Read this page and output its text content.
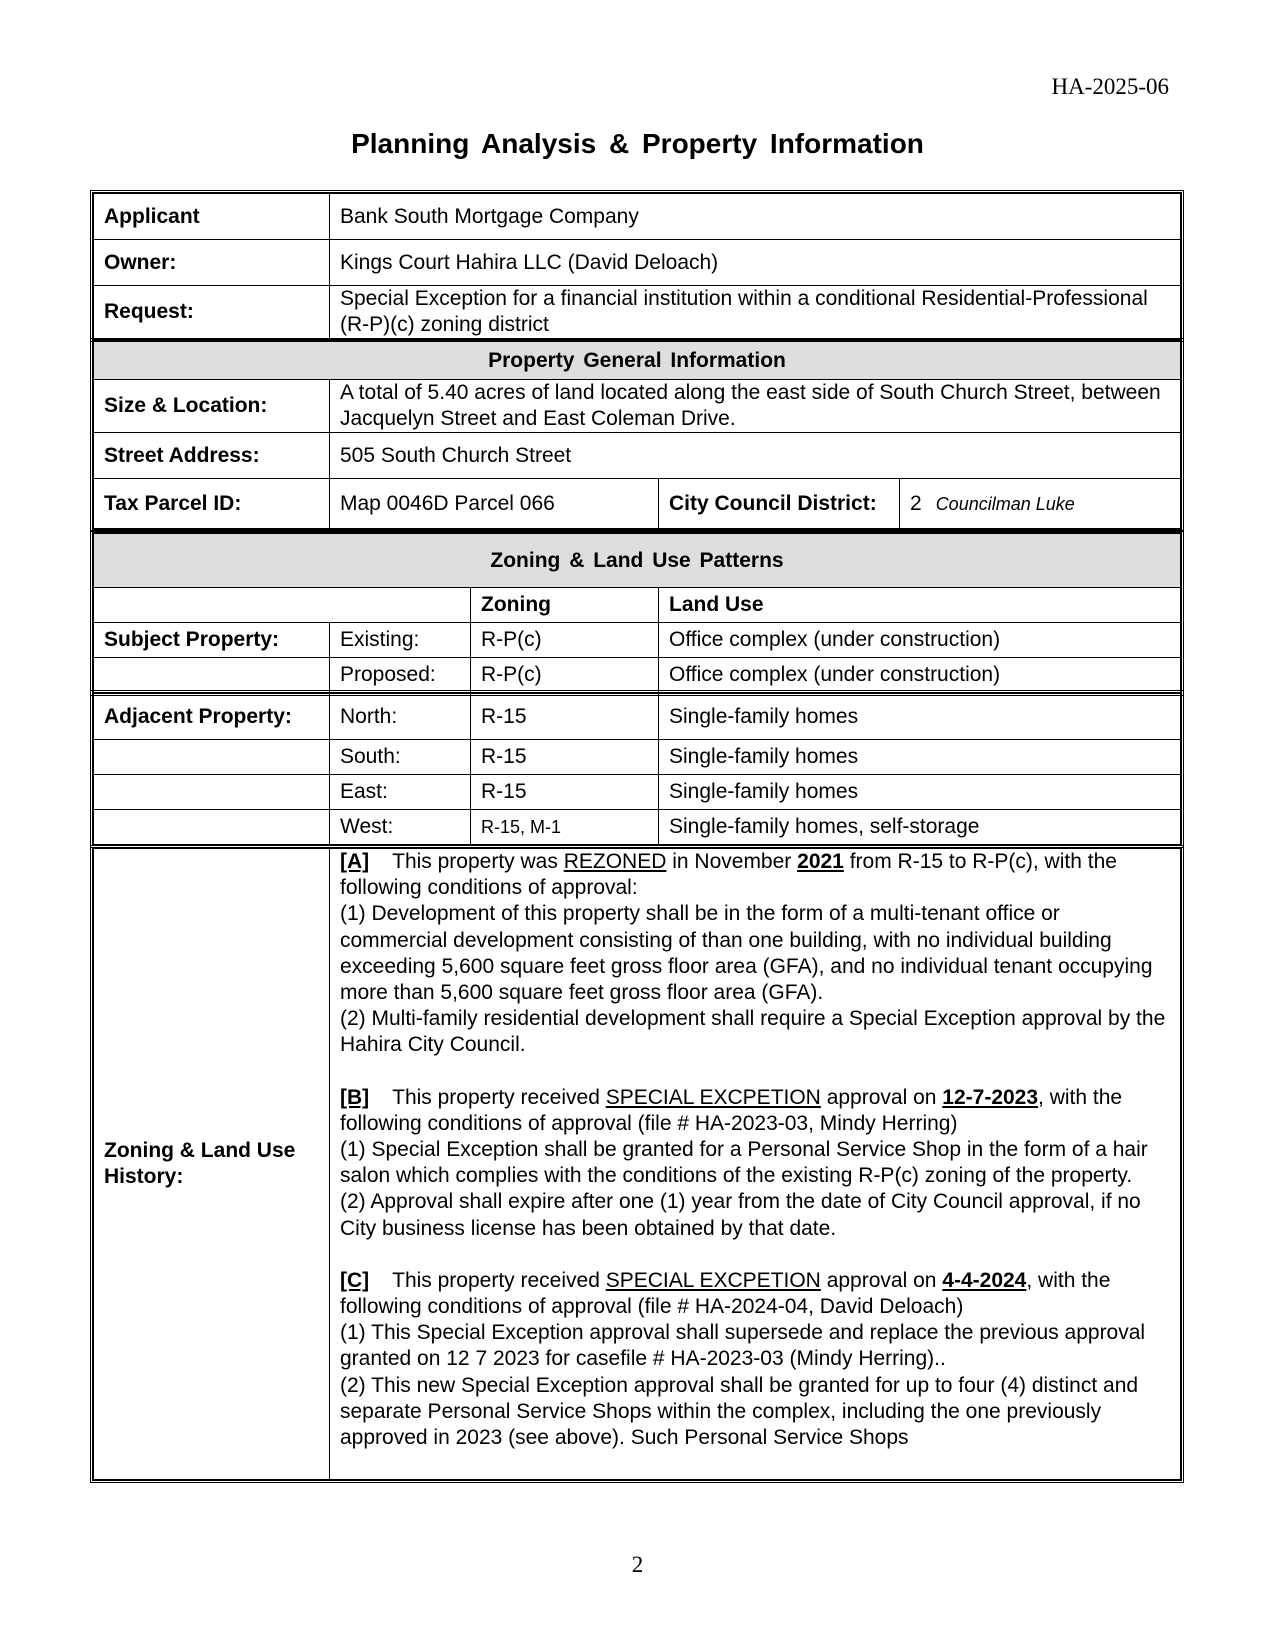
HA-2025-06
Planning Analysis & Property Information
Applicant	Bank South Mortgage Company
Owner:	Kings Court Hahira LLC (David Deloach)
Request:	Special Exception for a financial institution within a conditional Residential-Professional (R-P)(c) zoning district
Property General Information			
Size & Location:	A total of 5.40 acres of land located along the east side of South Church Street, between Jacquelyn Street and East Coleman Drive.		
Street Address:	505 South Church Street		
Tax Parcel ID:	Map 0046D Parcel 066	City Council District:	2 Councilman Luke
Zoning & Land Use Patterns			
		Zoning	Land Use
Subject Property:	Existing:	R-P(c)	Office complex (under construction)
	Proposed:	R-P(c)	Office complex (under construction)
Adjacent Property:	North:	R-15	Single-family homes
	South:	R-15	Single-family homes
	East:	R-15	Single-family homes
	West:	R-15, M-1	Single-family homes, self-storage
Zoning & Land Use History:	

[A] This property was REZONED in November 2021 from R-15 to R-P(c), with the following conditions of approval:

(1) Development of this property shall be in the form of a multi-tenant office or commercial development consisting of than one building, with no individual building exceeding 5,600 square feet gross floor area (GFA), and no individual tenant occupying more than 5,600 square feet gross floor area (GFA).

(2) Multi-family residential development shall require a Special Exception approval by the Hahira City Council.

[B] This property received SPECIAL EXCPETION approval on 12-7-2023, with the following conditions of approval (file # HA-2023-03, Mindy Herring)

(1) Special Exception shall be granted for a Personal Service Shop in the form of a hair salon which complies with the conditions of the existing R-P(c) zoning of the property.

(2) Approval shall expire after one (1) year from the date of City Council approval, if no City business license has been obtained by that date.

[C] This property received SPECIAL EXCPETION approval on 4-4-2024, with the following conditions of approval (file # HA-2024-04, David Deloach)

(1) This Special Exception approval shall supersede and replace the previous approval granted on 12 7 2023 for casefile # HA-2023-03 (Mindy Herring)..

(2) This new Special Exception approval shall be granted for up to four (4) distinct and separate Personal Service Shops within the complex, including the one previously approved in 2023 (see above). Such Personal Service Shops

2
